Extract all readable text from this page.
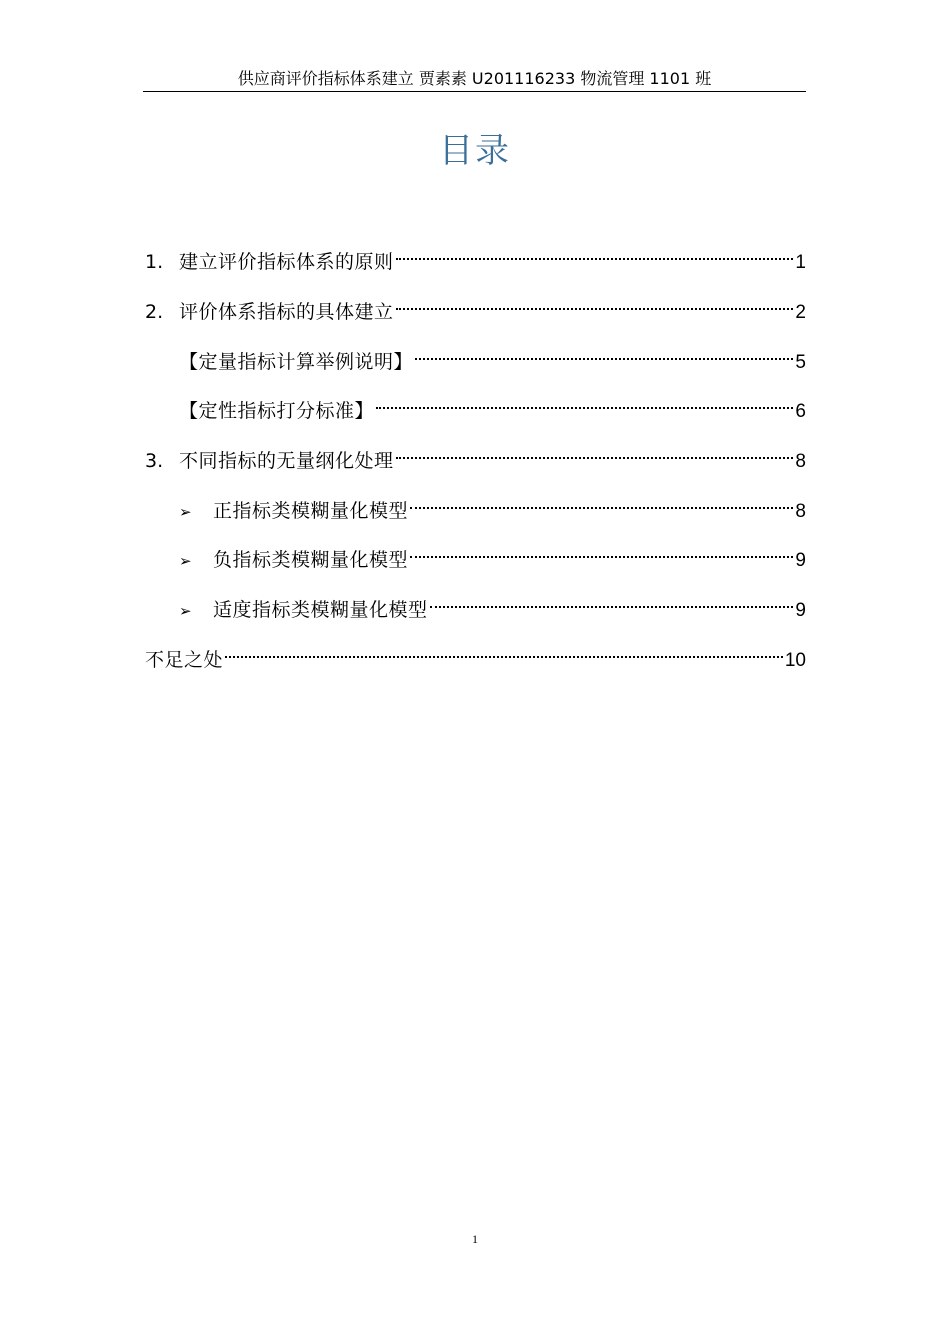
供应商评价指标体系建立 贾素素 U201116233 物流管理 1101 班
目录
1. 建立评价指标体系的原则	1
2. 评价体系指标的具体建立	2
【定量指标计算举例说明】	5
【定性指标打分标准】	6
3. 不同指标的无量纲化处理	8
➢	正指标类模糊量化模型	8
➢	负指标类模糊量化模型	9
➢	适度指标类模糊量化模型	9
不足之处	10
1
